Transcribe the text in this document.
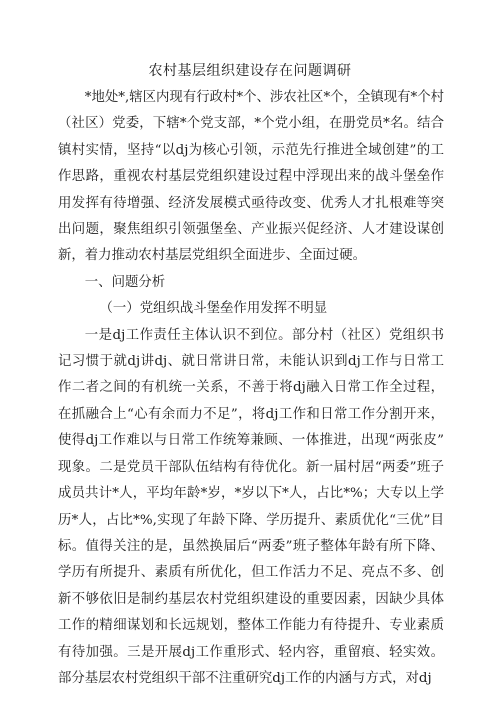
农村基层组织建设存在问题调研

*地处*,辖区内现有行政村*个、涉农社区*个，全镇现有*个村（社区）党委，下辖*个党支部，*个党小组，在册党员*名。结合镇村实情，坚持“以dj为核心引领，示范先行推进全域创建”的工作思路，重视农村基层党组织建设过程中浮现出来的战斗堡垒作用发挥有待增强、经济发展模式亟待改变、优秀人才扎根难等突出问题，聚焦组织引领强堡垒、产业振兴促经济、人才建设谋创新，着力推动农村基层党组织全面进步、全面过硬。

一、问题分析

（一）党组织战斗堡垒作用发挥不明显

一是dj工作责任主体认识不到位。部分村（社区）党组织书记习惯于就dj讲dj、就日常讲日常，未能认识到dj工作与日常工作二者之间的有机统一关系，不善于将dj融入日常工作全过程，在抓融合上“心有余而力不足”，将dj工作和日常工作分割开来，使得dj工作难以与日常工作统筹兼顾、一体推进，出现“两张皮”现象。二是党员干部队伍结构有待优化。新一届村居“两委”班子成员共计*人，平均年龄*岁，*岁以下*人，占比*%；大专以上学历*人，占比*%,实现了年龄下降、学历提升、素质优化“三优”目标。值得关注的是，虽然换届后“两委”班子整体年龄有所下降、学历有所提升、素质有所优化，但工作活力不足、亮点不多、创新不够依旧是制约基层农村党组织建设的重要因素，因缺少具体工作的精细谋划和长远规划，整体工作能力有待提升、专业素质有待加强。三是开展dj工作重形式、轻内容，重留痕、轻实效。部分基层农村党组织干部不注重研究dj工作的内涵与方式，对dj
